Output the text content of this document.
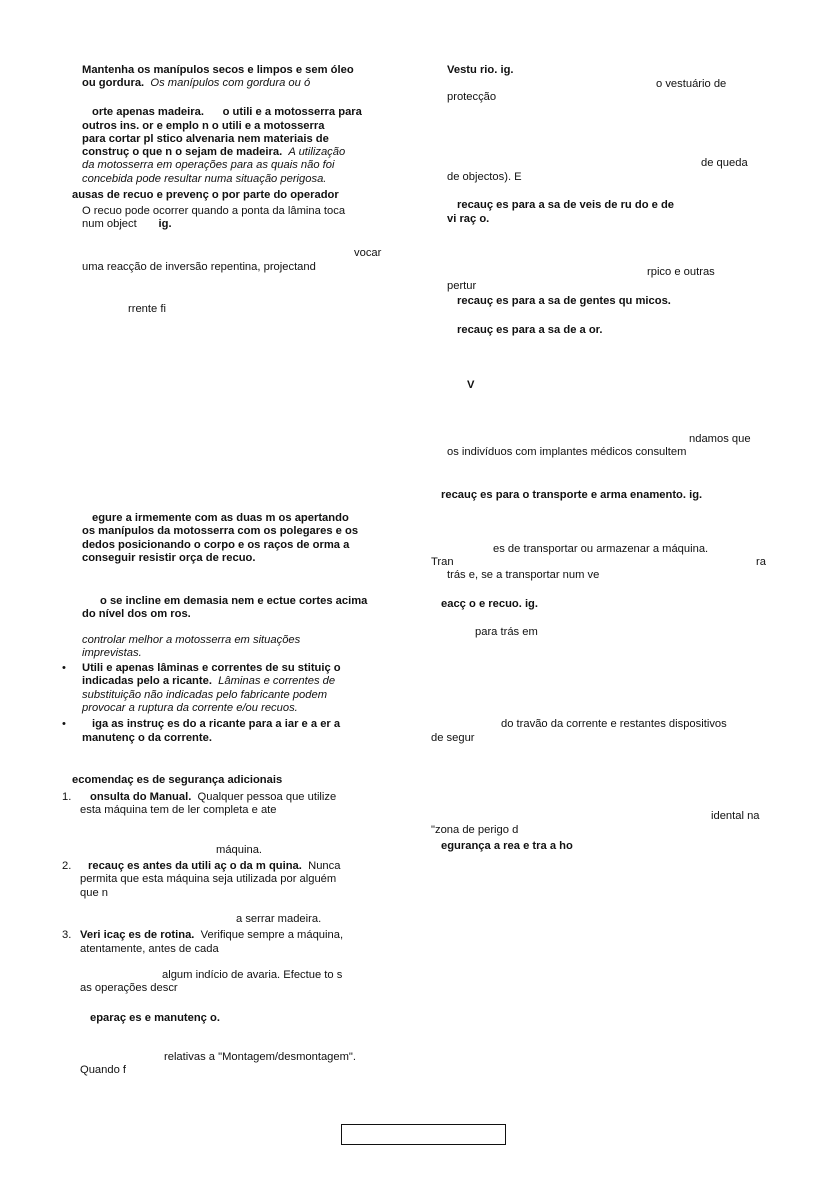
Mantenha os manípulos secos e limpos e sem óleo

ou gordura. Os manípulos com gordura ou ó

orte apenas madeira. o utili e a motosserra para

outros ins. or e emplo n o utili e a motosserra

para cortar pl stico alvenaria nem materiais de

construç o que n o sejam de madeira. A utilização

da motosserra em operações para as quais não foi

concebida pode resultar numa situação perigosa.

ausas de recuo e prevenç o por parte do operador

O recuo pode ocorrer quando a ponta da lâmina toca

num object ig.

vocar

uma reacção de inversão repentina, projectand

rrente fi

egure a irmemente com as duas m os apertando

os manípulos da motosserra com os polegares e os

dedos posicionando o corpo e os raços de orma a

conseguir resistir orça de recuo.

o se incline em demasia nem e ectue cortes acima

do nível dos om ros.

controlar melhor a motosserra em situações

imprevistas.

• Utili e apenas lâminas e correntes de su stituiç o

indicadas pelo a ricante. Lâminas e correntes de

substituição não indicadas pelo fabricante podem

provocar a ruptura da corrente e/ou recuos.

• iga as instruç es do a ricante para a iar e a er a

manutenç o da corrente.

ecomendaç es de segurança adicionais

1. onsulta do Manual. Qualquer pessoa que utilize

esta máquina tem de ler completa e ate

máquina.

2. recauç es antes da utili aç o da m quina. Nunca

permita que esta máquina seja utilizada por alguém

que n

a serrar madeira.

3. Veri icaç es de rotina. Verifique sempre a máquina,

atentamente, antes de cada

algum indício de avaria. Efectue to s

as operações descr

eparaç es e manutenç o.

relativas a "Montagem/desmontagem".

Quando f

Vestu rio. ig.

o vestuário de

protecção

de queda

de objectos). E

recauç es para a sa de veis de ru do e de

vi raç o.

rpico e outras

pertur

recauç es para a sa de gentes qu micos.

recauç es para a sa de a or.

V

ndamos que

os indivíduos com implantes médicos consultem

recauç es para o transporte e arma enamento. ig.

es de transportar ou armazenar a máquina.

Tran	ra

trás e, se a transportar num ve

eacç o e recuo. ig.

para trás em

do travão da corrente e restantes dispositivos

de segur

idental na

"zona de perigo d

egurança a rea e tra a ho
